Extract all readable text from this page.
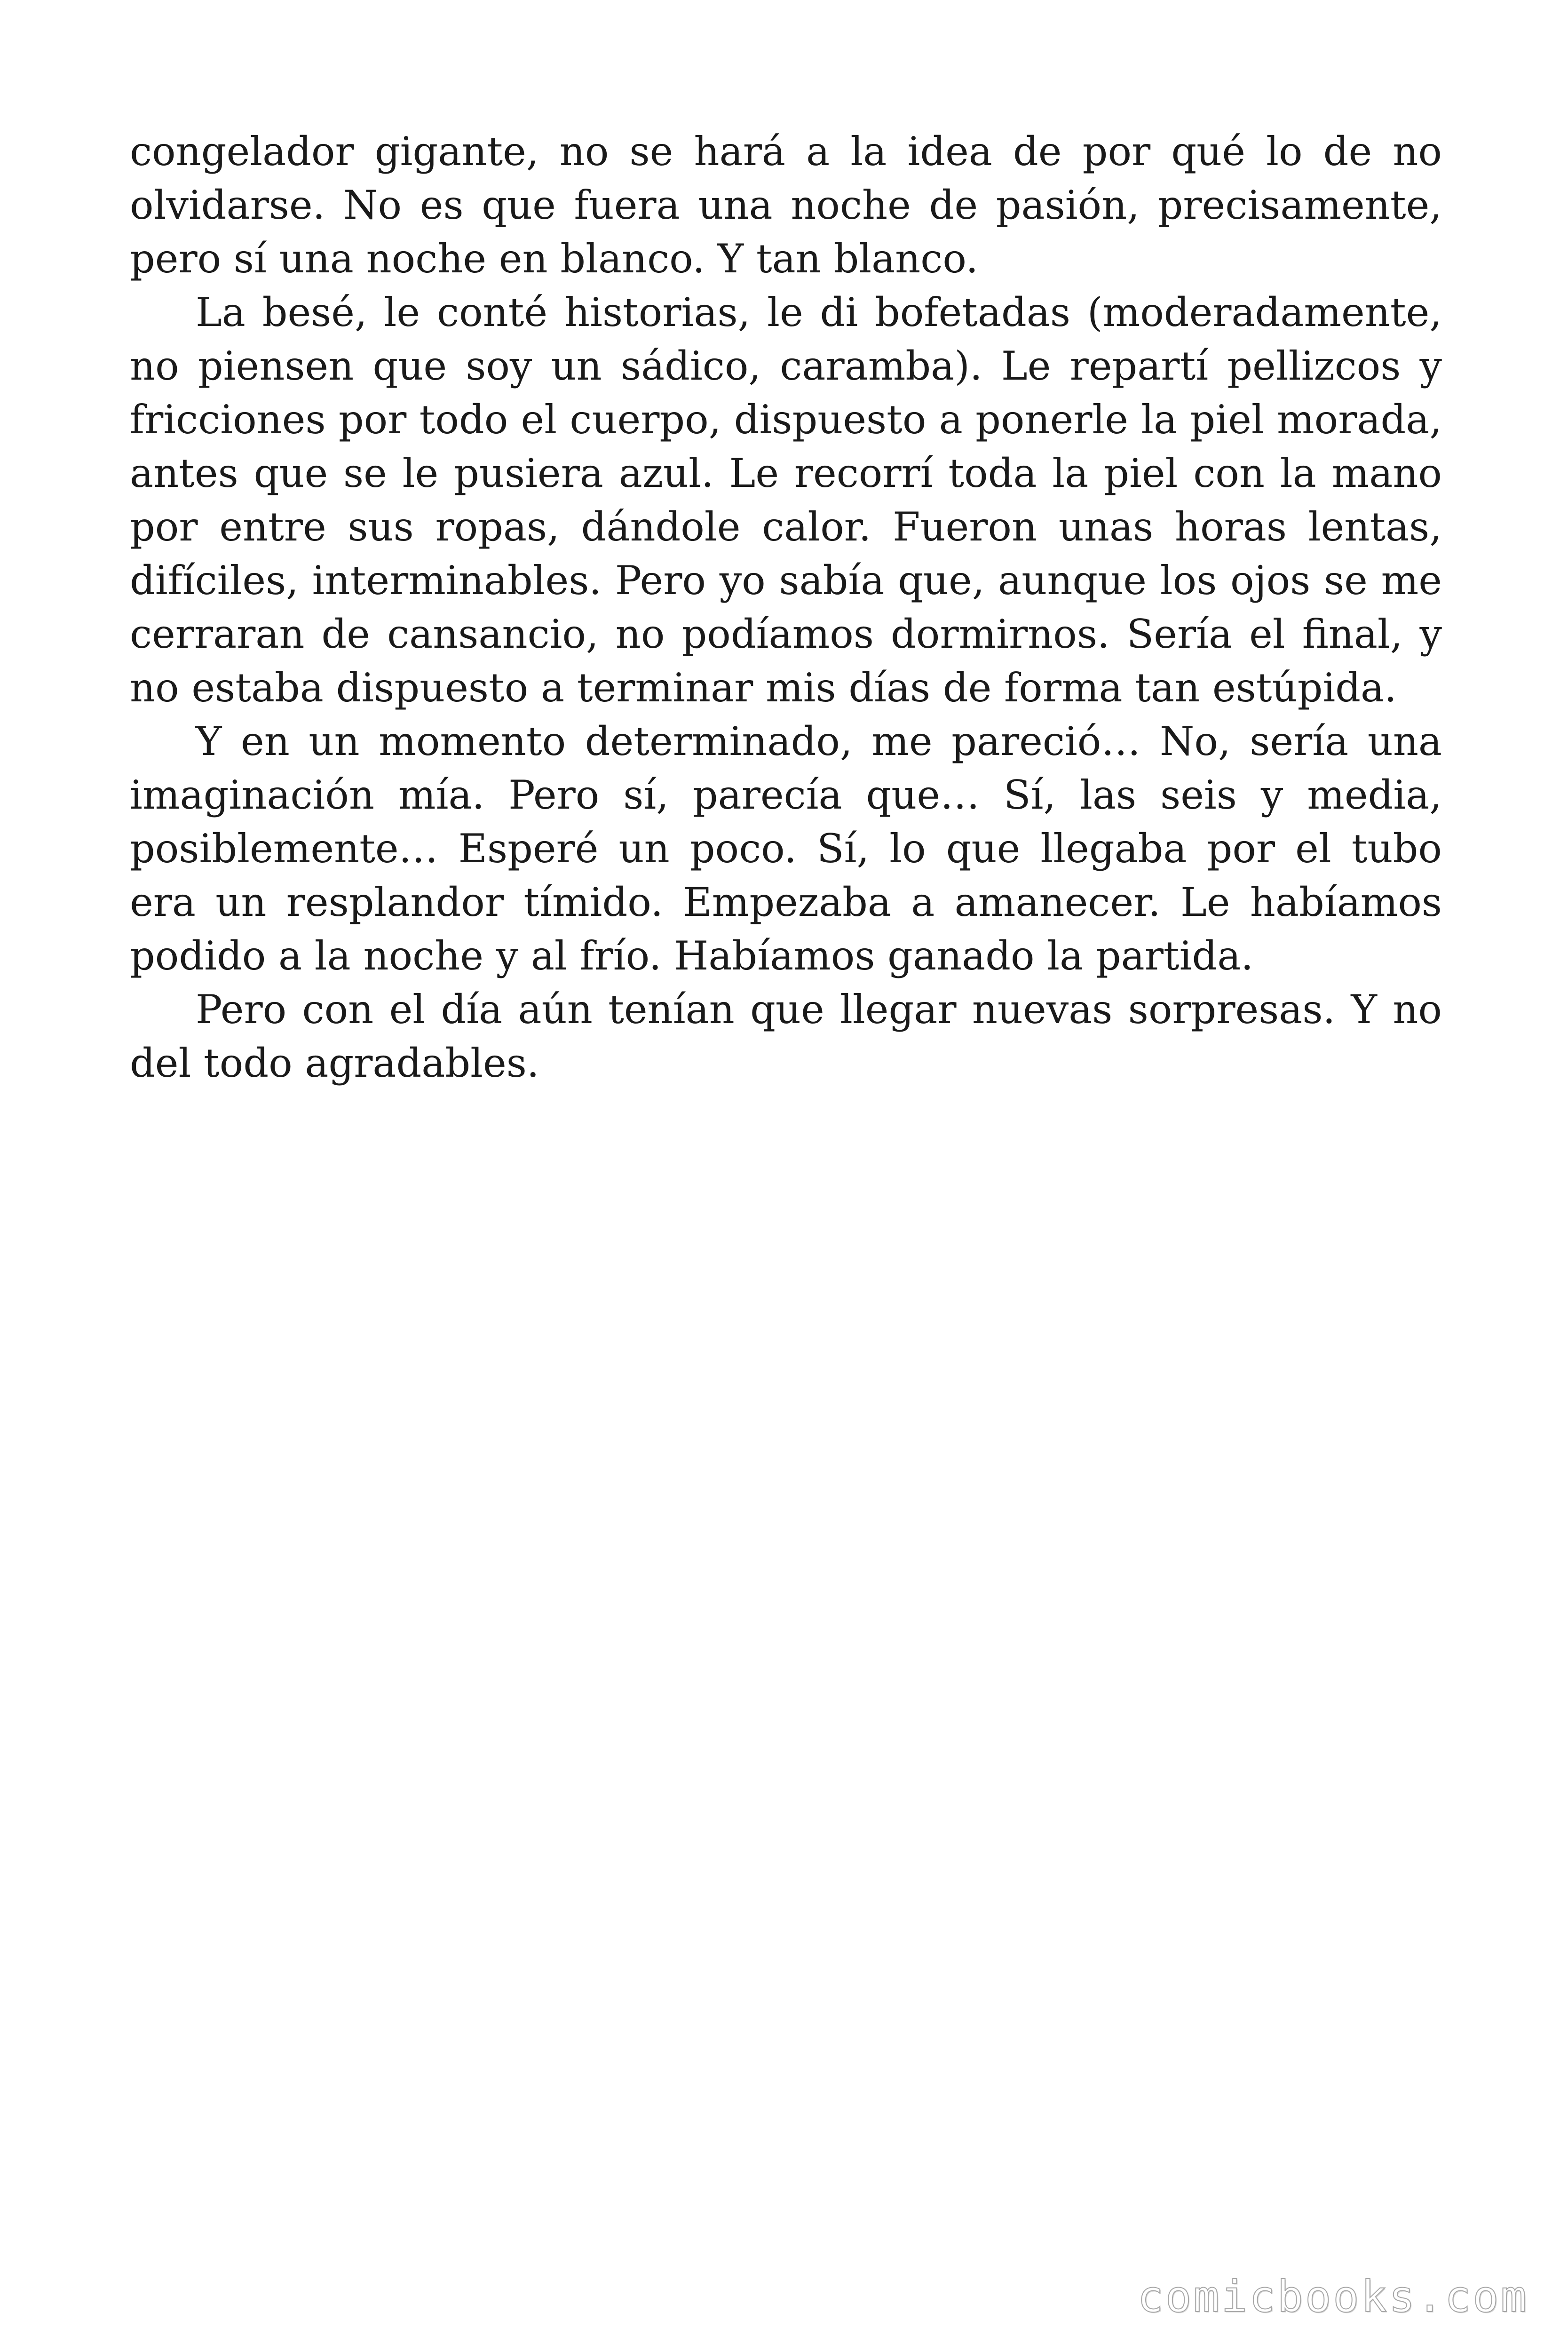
congelador gigante, no se hará a la idea de por qué lo de no olvidarse. No es que fuera una noche de pasión, precisamente, pero sí una noche en blanco. Y tan blanco.

La besé, le conté historias, le di bofetadas (moderadamente, no piensen que soy un sádico, caramba). Le repartí pellizcos y fricciones por todo el cuerpo, dispuesto a ponerle la piel morada, antes que se le pusiera azul. Le recorrí toda la piel con la mano por entre sus ropas, dándole calor. Fueron unas horas lentas, difíciles, interminables. Pero yo sabía que, aunque los ojos se me cerraran de cansancio, no podíamos dormirnos. Sería el final, y no estaba dispuesto a terminar mis días de forma tan estúpida.

Y en un momento determinado, me pareció… No, sería una imaginación mía. Pero sí, parecía que… Sí, las seis y media, posiblemente… Esperé un poco. Sí, lo que llegaba por el tubo era un resplandor tímido. Empezaba a amanecer. Le habíamos podido a la noche y al frío. Habíamos ganado la partida.

Pero con el día aún tenían que llegar nuevas sorpresas. Y no del todo agradables.

comicbooks.com
